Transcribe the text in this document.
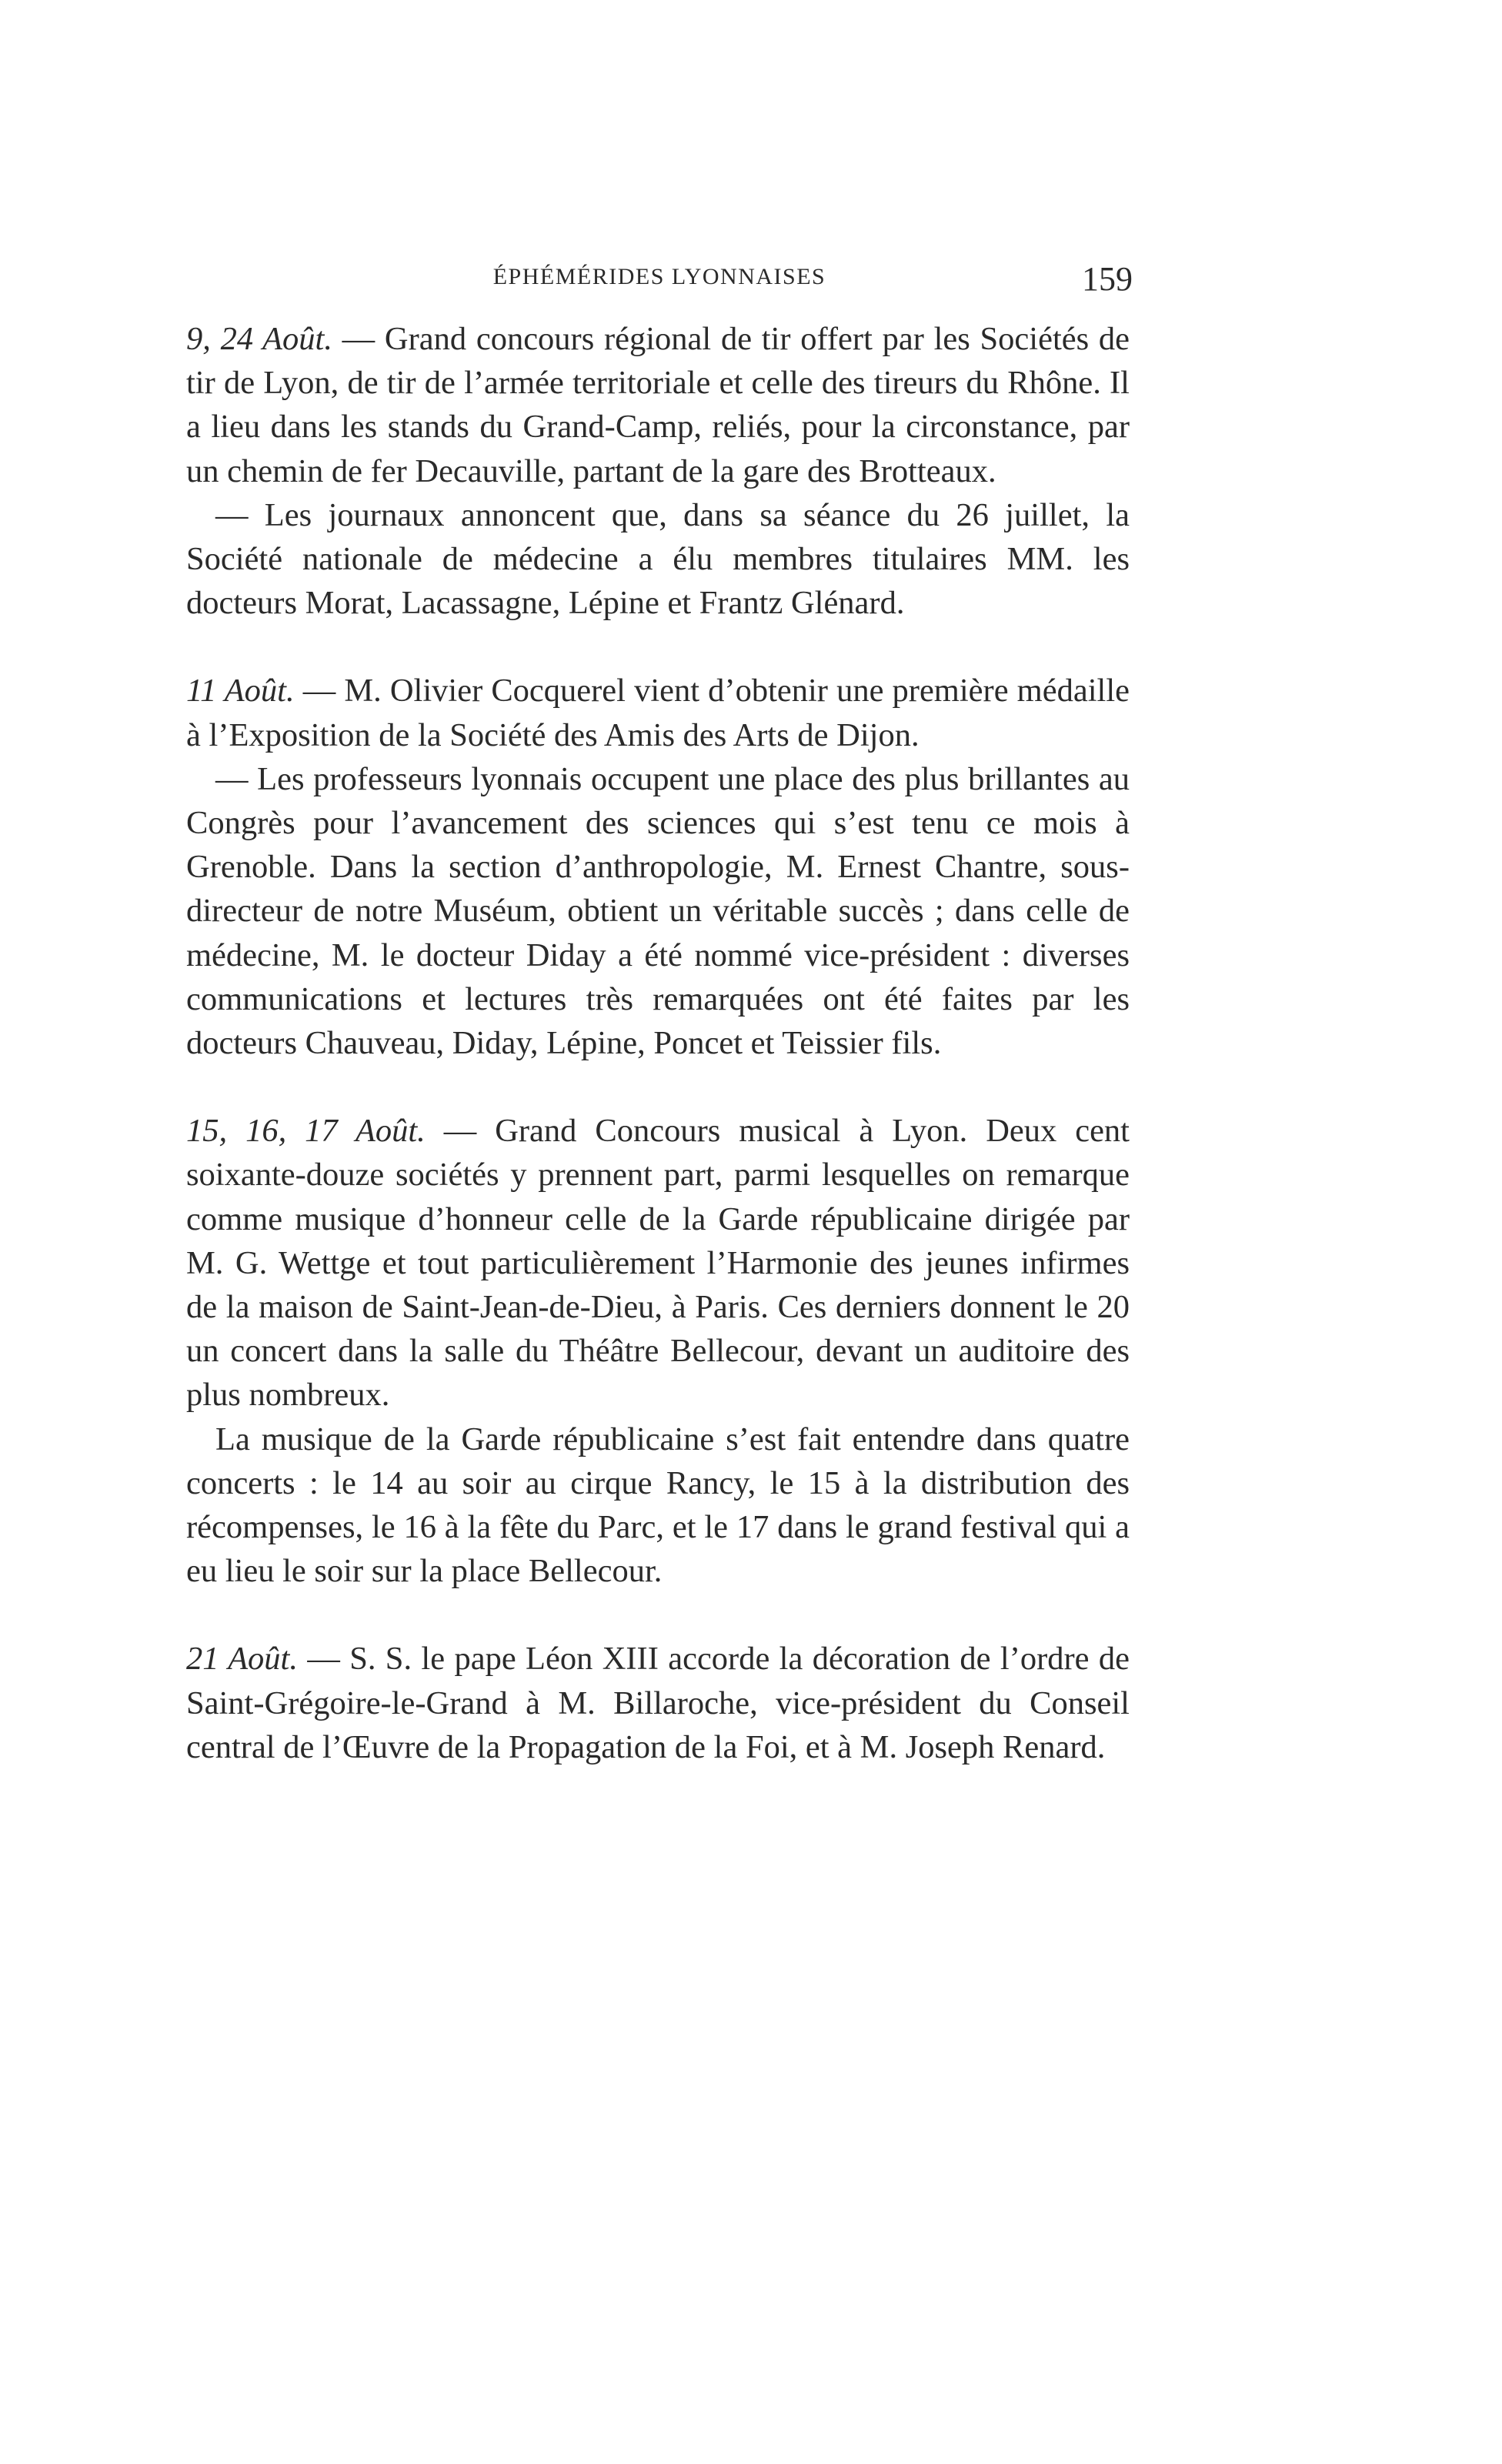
ÉPHÉMÉRIDES LYONNAISES	159

9, 24 Août. — Grand concours régional de tir offert par les Sociétés de tir de Lyon, de tir de l’armée territoriale et celle des tireurs du Rhône. Il a lieu dans les stands du Grand-Camp, reliés, pour la circonstance, par un chemin de fer Decauville, partant de la gare des Brotteaux.

— Les journaux annoncent que, dans sa séance du 26 juillet, la Société nationale de médecine a élu membres titulaires MM. les docteurs Morat, Lacassagne, Lépine et Frantz Glénard.

11 Août. — M. Olivier Cocquerel vient d’obtenir une première médaille à l’Exposition de la Société des Amis des Arts de Dijon.

— Les professeurs lyonnais occupent une place des plus brillantes au Congrès pour l’avancement des sciences qui s’est tenu ce mois à Grenoble. Dans la section d’anthropologie, M. Ernest Chantre, sous-directeur de notre Muséum, obtient un véritable succès ; dans celle de médecine, M. le docteur Diday a été nommé vice-président : diverses communications et lectures très remarquées ont été faites par les docteurs Chauveau, Diday, Lépine, Poncet et Teissier fils.

15, 16, 17 Août. — Grand Concours musical à Lyon. Deux cent soixante-douze sociétés y prennent part, parmi lesquelles on remarque comme musique d’honneur celle de la Garde républicaine dirigée par M. G. Wettge et tout particulièrement l’Harmonie des jeunes infirmes de la maison de Saint-Jean-de-Dieu, à Paris. Ces derniers donnent le 20 un concert dans la salle du Théâtre Bellecour, devant un auditoire des plus nombreux.

La musique de la Garde républicaine s’est fait entendre dans quatre concerts : le 14 au soir au cirque Rancy, le 15 à la distribution des récompenses, le 16 à la fête du Parc, et le 17 dans le grand festival qui a eu lieu le soir sur la place Bellecour.

21 Août. — S. S. le pape Léon XIII accorde la décoration de l’ordre de Saint-Grégoire-le-Grand à M. Billaroche, vice-président du Conseil central de l’Œuvre de la Propagation de la Foi, et à M. Joseph Renard.
